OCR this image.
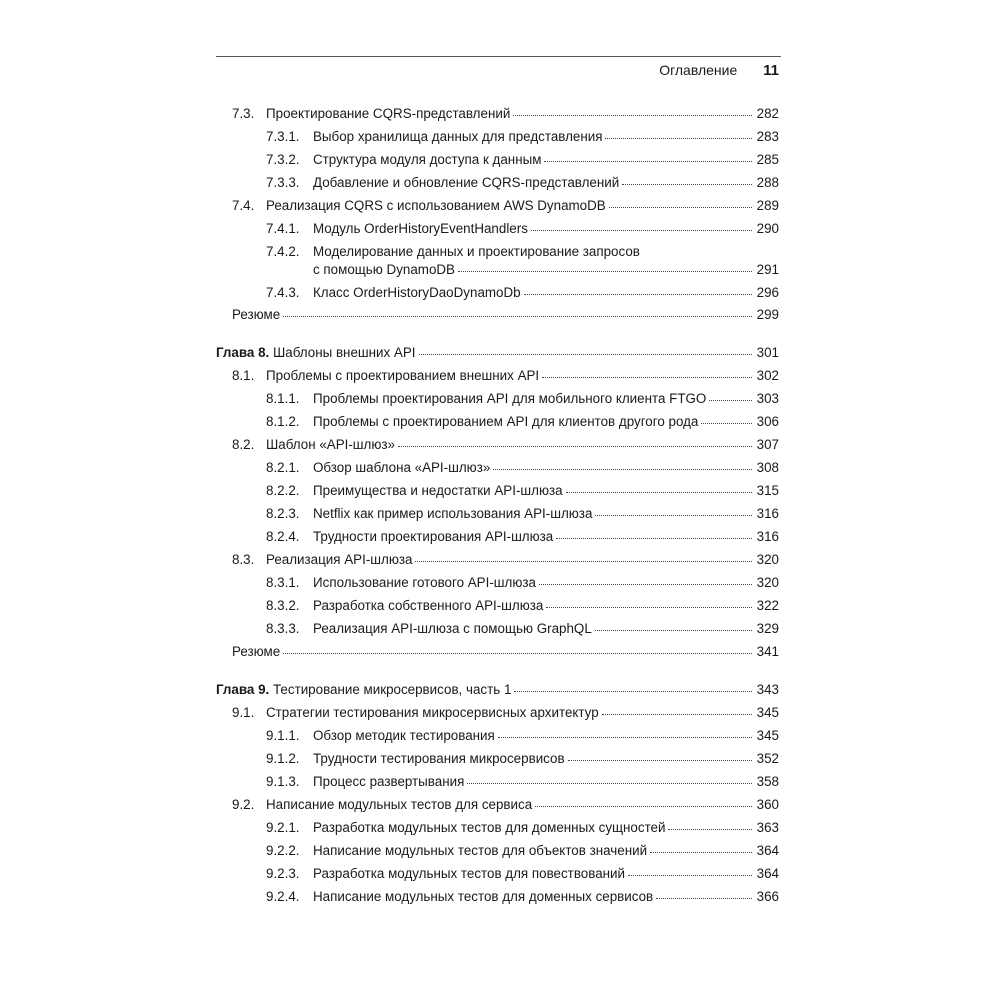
Оглавление 11
7.3. Проектирование CQRS-представлений	282
7.3.1.	Выбор хранилища данных для представления	283
7.3.2.	Структура модуля доступа к данным	285
7.3.3.	Добавление и обновление CQRS-представлений	288
7.4. Реализация CQRS с использованием AWS DynamoDB	289
7.4.1.	Модуль OrderHistoryEventHandlers	290
7.4.2.	Моделирование данных и проектирование запросов
с помощью DynamoDB	291
7.4.3.	Класс OrderHistoryDaoDynamoDb	296
Резюме	299
Глава 8. Шаблоны внешних API	301
8.1. Проблемы с проектированием внешних API	302
8.1.1.	Проблемы проектирования API для мобильного клиента FTGO	303
8.1.2.	Проблемы с проектированием API для клиентов другого рода	306
8.2. Шаблон «API-шлюз»	307
8.2.1.	Обзор шаблона «API-шлюз»	308
8.2.2.	Преимущества и недостатки API-шлюза	315
8.2.3.	Netflix как пример использования API-шлюза	316
8.2.4.	Трудности проектирования API-шлюза	316
8.3. Реализация API-шлюза	320
8.3.1.	Использование готового API-шлюза	320
8.3.2.	Разработка собственного API-шлюза	322
8.3.3.	Реализация API-шлюза с помощью GraphQL	329
Резюме	341
Глава 9. Тестирование микросервисов, часть 1	343
9.1. Стратегии тестирования микросервисных архитектур	345
9.1.1.	Обзор методик тестирования	345
9.1.2.	Трудности тестирования микросервисов	352
9.1.3.	Процесс развертывания	358
9.2. Написание модульных тестов для сервиса	360
9.2.1.	Разработка модульных тестов для доменных сущностей	363
9.2.2.	Написание модульных тестов для объектов значений	364
9.2.3.	Разработка модульных тестов для повествований	364
9.2.4.	Написание модульных тестов для доменных сервисов	366
